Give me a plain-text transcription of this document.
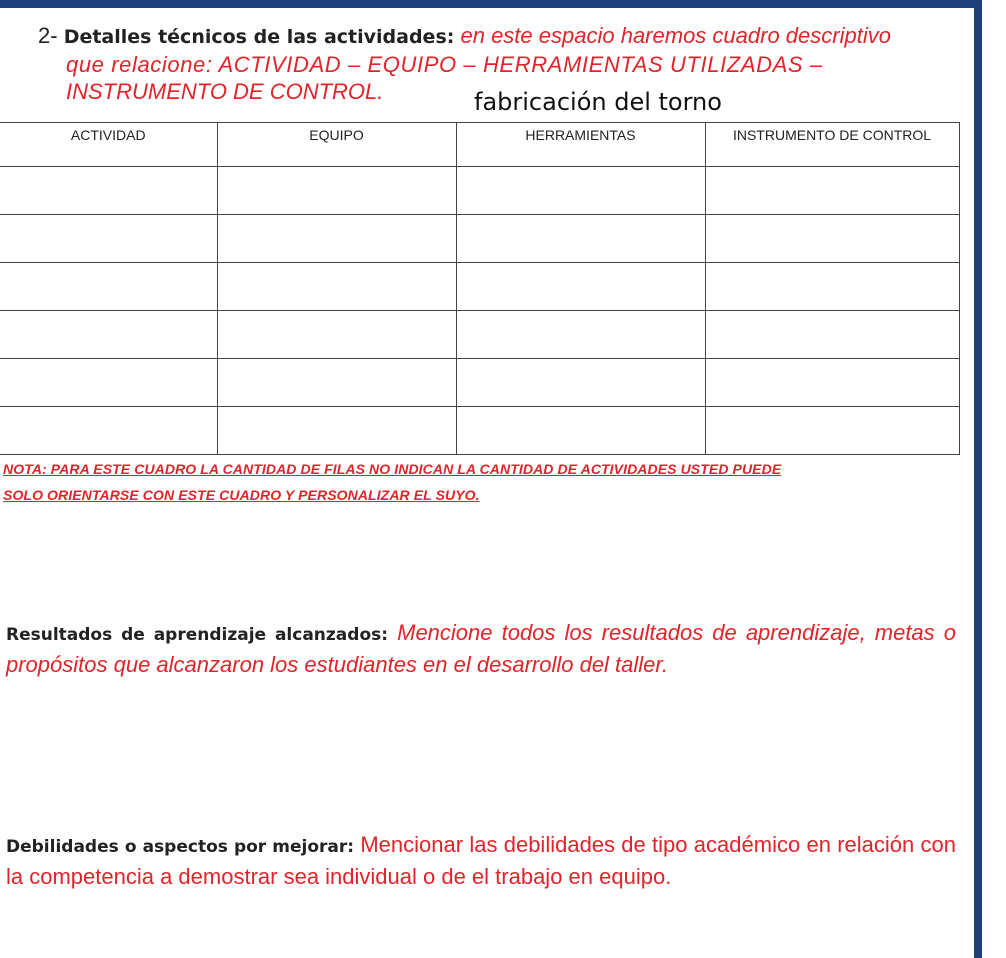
2- Detalles técnicos de las actividades: en este espacio haremos cuadro descriptivo
que relacione: ACTIVIDAD – EQUIPO – HERRAMIENTAS UTILIZADAS –
INSTRUMENTO DE CONTROL.	fabricación del torno
ACTIVIDAD	EQUIPO	HERRAMIENTAS	INSTRUMENTO DE CONTROL

NOTA: PARA ESTE CUADRO LA CANTIDAD DE FILAS NO INDICAN LA CANTIDAD DE ACTIVIDADES USTED PUEDE
SOLO ORIENTARSE CON ESTE CUADRO Y PERSONALIZAR EL SUYO.
Resultados de aprendizaje alcanzados: Mencione todos los resultados de aprendizaje, metas o propósitos que alcanzaron los estudiantes en el desarrollo del taller.
Debilidades o aspectos por mejorar: Mencionar las debilidades de tipo académico en relación con la competencia a demostrar sea individual o de el trabajo en equipo.
